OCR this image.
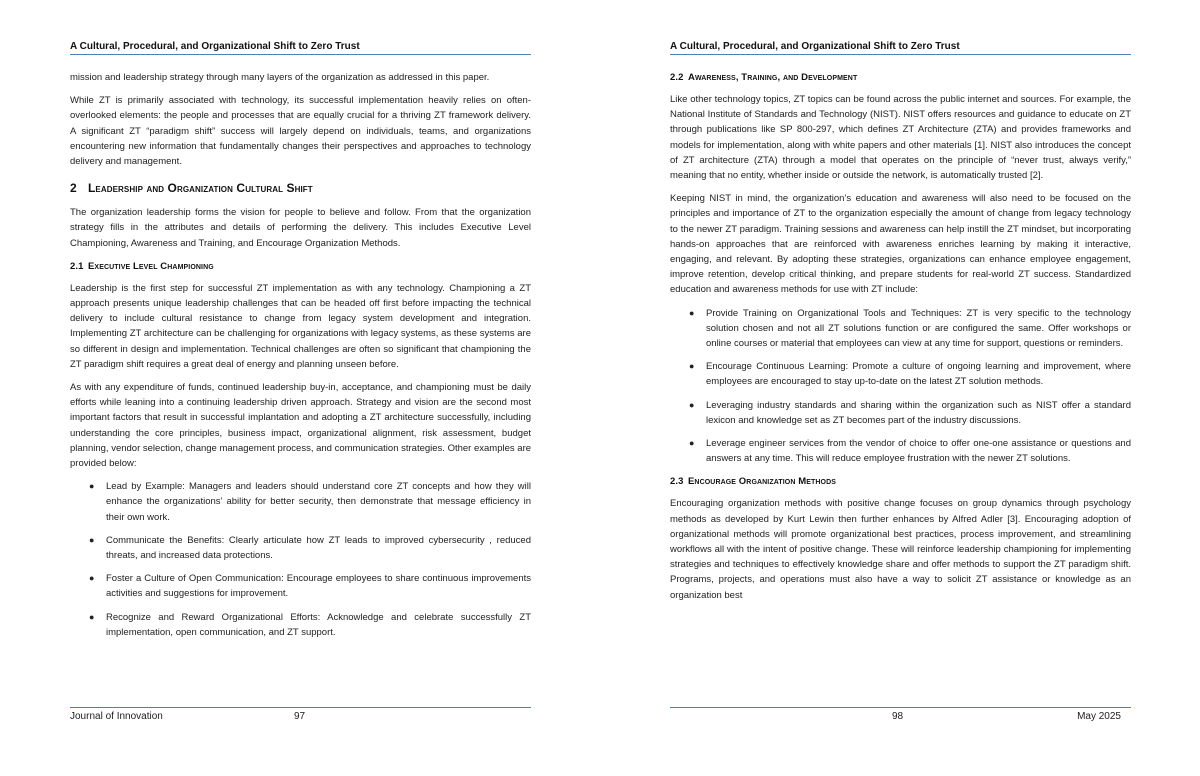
A Cultural, Procedural, and Organizational Shift to Zero Trust

mission and leadership strategy through many layers of the organization as addressed in this paper.

While ZT is primarily associated with technology, its successful implementation heavily relies on often-overlooked elements: the people and processes that are equally crucial for a thriving ZT framework delivery. A significant ZT “paradigm shift” success will largely depend on individuals, teams, and organizations encountering new information that fundamentally changes their perspectives and approaches to technology delivery and management.

2 Leadership and Organization Cultural Shift

The organization leadership forms the vision for people to believe and follow. From that the organization strategy fills in the attributes and details of performing the delivery. This includes Executive Level Championing, Awareness and Training, and Encourage Organization Methods.

2.1 Executive Level Championing

Leadership is the first step for successful ZT implementation as with any technology. Championing a ZT approach presents unique leadership challenges that can be headed off first before impacting the technical delivery to include cultural resistance to change from legacy system development and integration. Implementing ZT architecture can be challenging for organizations with legacy systems, as these systems are so different in design and implementation. Technical challenges are often so significant that championing the ZT paradigm shift requires a great deal of energy and planning unseen before.

As with any expenditure of funds, continued leadership buy-in, acceptance, and championing must be daily efforts while leaning into a continuing leadership driven approach. Strategy and vision are the second most important factors that result in successful implantation and adopting a ZT architecture successfully, including understanding the core principles, business impact, organizational alignment, risk assessment, budget planning, vendor selection, change management process, and communication strategies. Other examples are provided below:

● Lead by Example: Managers and leaders should understand core ZT concepts and how they will enhance the organizations’ ability for better security, then demonstrate that message efficiency in their own work.
● Communicate the Benefits: Clearly articulate how ZT leads to improved cybersecurity , reduced threats, and increased data protections.
● Foster a Culture of Open Communication: Encourage employees to share continuous improvements activities and suggestions for improvement.
● Recognize and Reward Organizational Efforts: Acknowledge and celebrate successfully ZT implementation, open communication, and ZT support.
Journal of Innovation	97
A Cultural, Procedural, and Organizational Shift to Zero Trust
2.2 Awareness, Training, and Development

Like other technology topics, ZT topics can be found across the public internet and sources. For example, the National Institute of Standards and Technology (NIST). NIST offers resources and guidance to educate on ZT through publications like SP 800-297, which defines ZT Architecture (ZTA) and provides frameworks and models for implementation, along with white papers and other materials [1]. NIST also introduces the concept of ZT architecture (ZTA) through a model that operates on the principle of “never trust, always verify,” meaning that no entity, whether inside or outside the network, is automatically trusted [2].

Keeping NIST in mind, the organization’s education and awareness will also need to be focused on the principles and importance of ZT to the organization especially the amount of change from legacy technology to the newer ZT paradigm. Training sessions and awareness can help instill the ZT mindset, but incorporating hands-on approaches that are reinforced with awareness enriches learning by making it interactive, engaging, and relevant. By adopting these strategies, organizations can enhance employee engagement, improve retention, develop critical thinking, and prepare students for real-world ZT success. Standardized education and awareness methods for use with ZT include:

● Provide Training on Organizational Tools and Techniques: ZT is very specific to the technology solution chosen and not all ZT solutions function or are configured the same. Offer workshops or online courses or material that employees can view at any time for support, questions or reminders.
● Encourage Continuous Learning: Promote a culture of ongoing learning and improvement, where employees are encouraged to stay up-to-date on the latest ZT solution methods.
● Leveraging industry standards and sharing within the organization such as NIST offer a standard lexicon and knowledge set as ZT becomes part of the industry discussions.
● Leverage engineer services from the vendor of choice to offer one-one assistance or questions and answers at any time. This will reduce employee frustration with the newer ZT solutions.
2.3 Encourage Organization Methods

Encouraging organization methods with positive change focuses on group dynamics through psychology methods as developed by Kurt Lewin then further enhances by Alfred Adler [3]. Encouraging adoption of organizational methods will promote organizational best practices, process improvement, and streamlining workflows all with the intent of positive change. These will reinforce leadership championing for implementing strategies and techniques to effectively knowledge share and offer methods to support the ZT paradigm shift. Programs, projects, and operations must also have a way to solicit ZT assistance or knowledge as an organization best

98	May 2025
